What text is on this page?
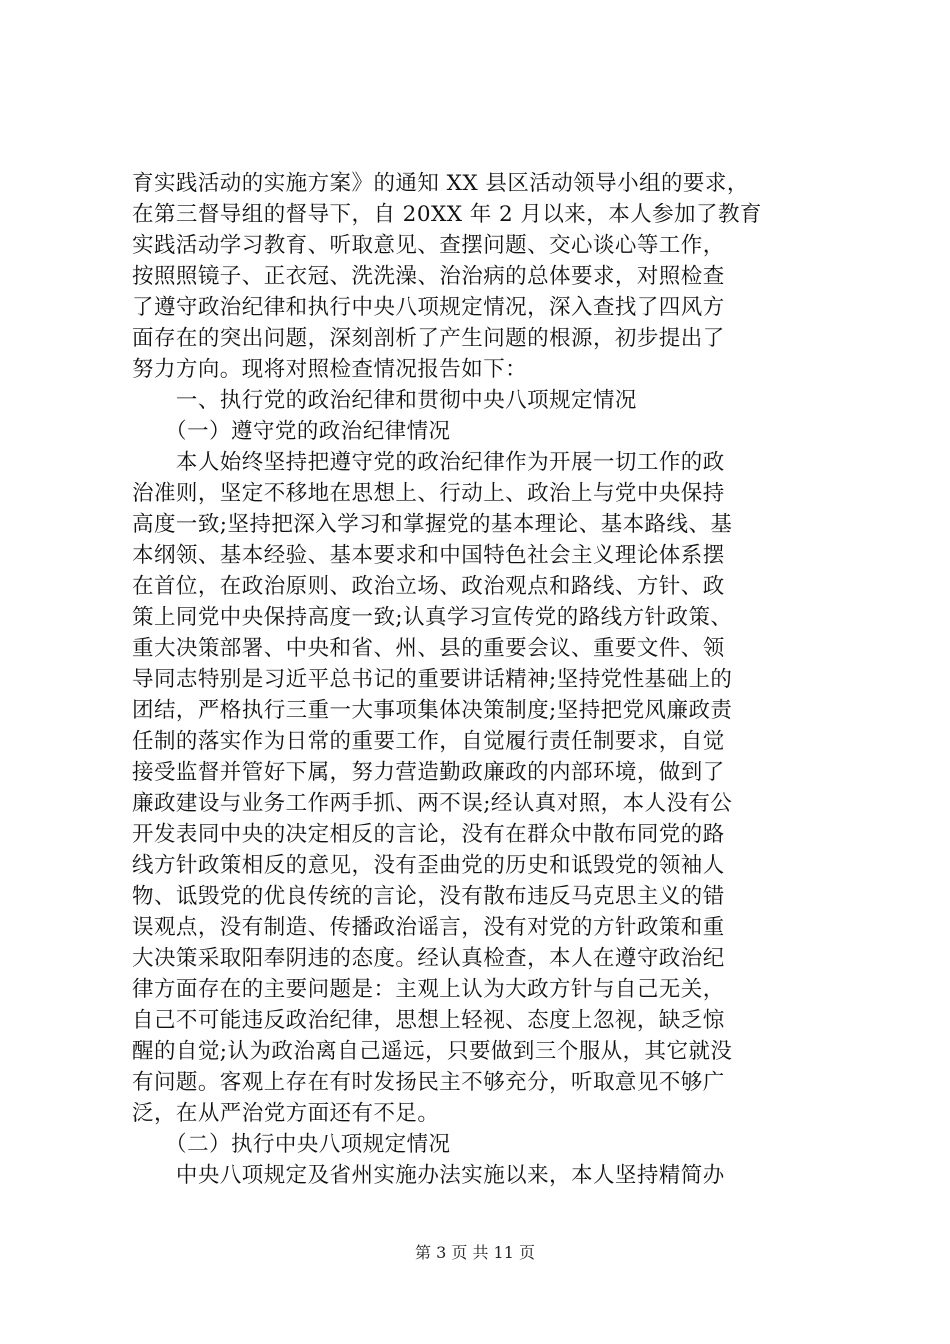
育实践活动的实施方案》的通知 XX 县区活动领导小组的要求，
在第三督导组的督导下，自 20XX 年 2 月以来，本人参加了教育
实践活动学习教育、听取意见、查摆问题、交心谈心等工作，
按照照镜子、正衣冠、洗洗澡、治治病的总体要求，对照检查
了遵守政治纪律和执行中央八项规定情况，深入查找了四风方
面存在的突出问题，深刻剖析了产生问题的根源，初步提出了
努力方向。现将对照检查情况报告如下：
　　一、执行党的政治纪律和贯彻中央八项规定情况
　　（一）遵守党的政治纪律情况
　　本人始终坚持把遵守党的政治纪律作为开展一切工作的政
治准则，坚定不移地在思想上、行动上、政治上与党中央保持
高度一致;坚持把深入学习和掌握党的基本理论、基本路线、基
本纲领、基本经验、基本要求和中国特色社会主义理论体系摆
在首位，在政治原则、政治立场、政治观点和路线、方针、政
策上同党中央保持高度一致;认真学习宣传党的路线方针政策、
重大决策部署、中央和省、州、县的重要会议、重要文件、领
导同志特别是习近平总书记的重要讲话精神;坚持党性基础上的
团结，严格执行三重一大事项集体决策制度;坚持把党风廉政责
任制的落实作为日常的重要工作，自觉履行责任制要求，自觉
接受监督并管好下属，努力营造勤政廉政的内部环境，做到了
廉政建设与业务工作两手抓、两不误;经认真对照，本人没有公
开发表同中央的决定相反的言论，没有在群众中散布同党的路
线方针政策相反的意见，没有歪曲党的历史和诋毁党的领袖人
物、诋毁党的优良传统的言论，没有散布违反马克思主义的错
误观点，没有制造、传播政治谣言，没有对党的方针政策和重
大决策采取阳奉阴违的态度。经认真检查，本人在遵守政治纪
律方面存在的主要问题是：主观上认为大政方针与自己无关，
自己不可能违反政治纪律，思想上轻视、态度上忽视，缺乏惊
醒的自觉;认为政治离自己遥远，只要做到三个服从，其它就没
有问题。客观上存在有时发扬民主不够充分，听取意见不够广
泛，在从严治党方面还有不足。
　　（二）执行中央八项规定情况
　　中央八项规定及省州实施办法实施以来，本人坚持精简办
第 3 页 共 11 页
